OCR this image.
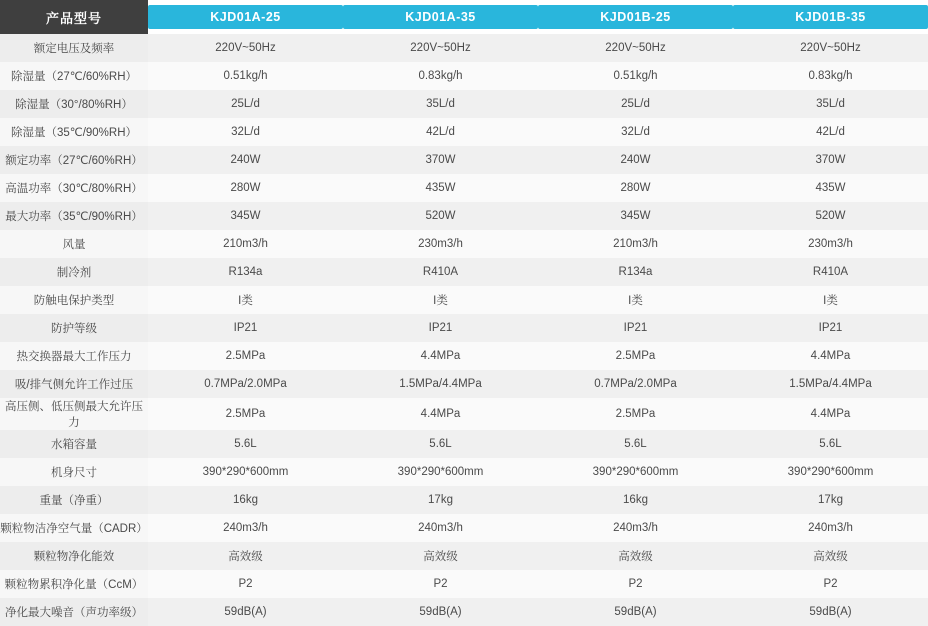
产品型号	KJD01A-25	KJD01A-35	KJD01B-25	KJD01B-35

额定电压及频率	220V~50Hz	220V~50Hz	220V~50Hz	220V~50Hz
除湿量（27℃/60%RH）	0.51kg/h	0.83kg/h	0.51kg/h	0.83kg/h
除湿量（30°/80%RH）	25L/d	35L/d	25L/d	35L/d
除湿量（35℃/90%RH）	32L/d	42L/d	32L/d	42L/d
额定功率（27℃/60%RH）	240W	370W	240W	370W
高温功率（30℃/80%RH）	280W	435W	280W	435W
最大功率（35℃/90%RH）	345W	520W	345W	520W
风量	210m3/h	230m3/h	210m3/h	230m3/h
制冷剂	R134a	R410A	R134a	R410A
防触电保护类型	I类	I类	I类	I类
防护等级	IP21	IP21	IP21	IP21
热交换器最大工作压力	2.5MPa	4.4MPa	2.5MPa	4.4MPa
吸/排气侧允许工作过压	0.7MPa/2.0MPa	1.5MPa/4.4MPa	0.7MPa/2.0MPa	1.5MPa/4.4MPa
高压侧、低压侧最大允许压力	2.5MPa	4.4MPa	2.5MPa	4.4MPa
水箱容量	5.6L	5.6L	5.6L	5.6L
机身尺寸	390*290*600mm	390*290*600mm	390*290*600mm	390*290*600mm
重量（净重）	16kg	17kg	16kg	17kg
颗粒物洁净空气量（CADR）	240m3/h	240m3/h	240m3/h	240m3/h
颗粒物净化能效	高效级	高效级	高效级	高效级
颗粒物累积净化量（CcM）	P2	P2	P2	P2
净化最大噪音（声功率级）	59dB(A)	59dB(A)	59dB(A)	59dB(A)
